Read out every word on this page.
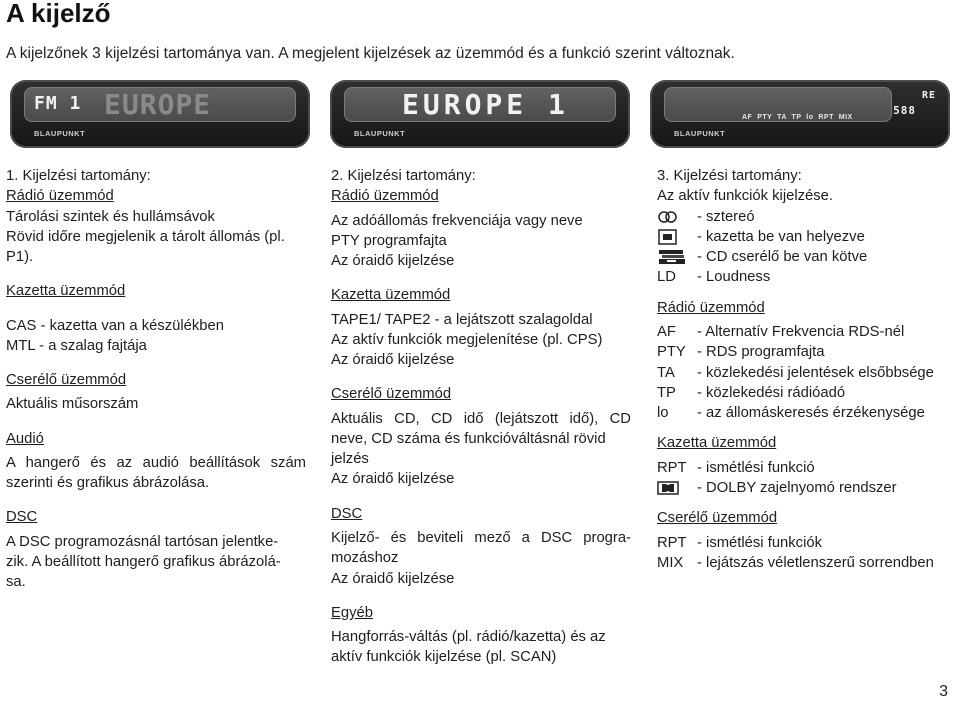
A kijelző

A kijelzőnek 3 kijelzési tartománya van. A megjelent kijelzések az üzemmód és a funkció szerint változnak.

FM 1 EUROPE
BLAUPUNKT
EUROPE 1
BLAUPUNKT
AF  PTY  TA  TP  lo  RPT  MIX
RE
588
BLAUPUNKT

1. Kijelzési tartomány:

Rádió üzemmód

Tárolási szintek és hullámsávok

Rövid időre megjelenik a tárolt állomás (pl.

P1).

Kazetta üzemmód

CAS - kazetta van a készülékben

MTL - a szalag fajtája

Cserélő üzemmód

Aktuális műsorszám

Audió

A hangerő és az audió beállítások szám

szerinti és grafikus ábrázolása.

DSC

A DSC programozásnál tartósan jelentke-

zik. A beállított hangerő grafikus ábrázolá-

sa.

2. Kijelzési tartomány:

Rádió üzemmód

Az adóállomás frekvenciája vagy neve

PTY programfajta

Az óraidő kijelzése

Kazetta üzemmód

TAPE1/ TAPE2 - a lejátszott szalagoldal

Az aktív funkciók megjelenítése (pl. CPS)

Az óraidő kijelzése

Cserélő üzemmód

Aktuális CD, CD idő (lejátszott idő), CD

neve, CD száma és funkcióváltásnál rövid

jelzés

Az óraidő kijelzése

DSC

Kijelző- és beviteli mező a DSC progra-

mozáshoz

Az óraidő kijelzése

Egyéb

Hangforrás-váltás (pl. rádió/kazetta) és az

aktív funkciók kijelzése (pl. SCAN)

3. Kijelzési tartomány:

Az aktív funkciók kijelzése.

- sztereó
- kazetta be van helyezve
- CD cserélő be van kötve
LD	- Loudness

Rádió üzemmód

AF	- Alternatív Frekvencia RDS-nél
PTY - RDS programfajta
TA	- közlekedési jelentések elsőbbsége
TP	- közlekedési rádióadó
lo	- az állomáskeresés érzékenysége

Kazetta üzemmód

RPT - ismétlési funkció
- DOLBY zajelnyomó rendszer

Cserélő üzemmód

RPT - ismétlési funkciók
MIX - lejátszás véletlenszerű sorrendben
3
